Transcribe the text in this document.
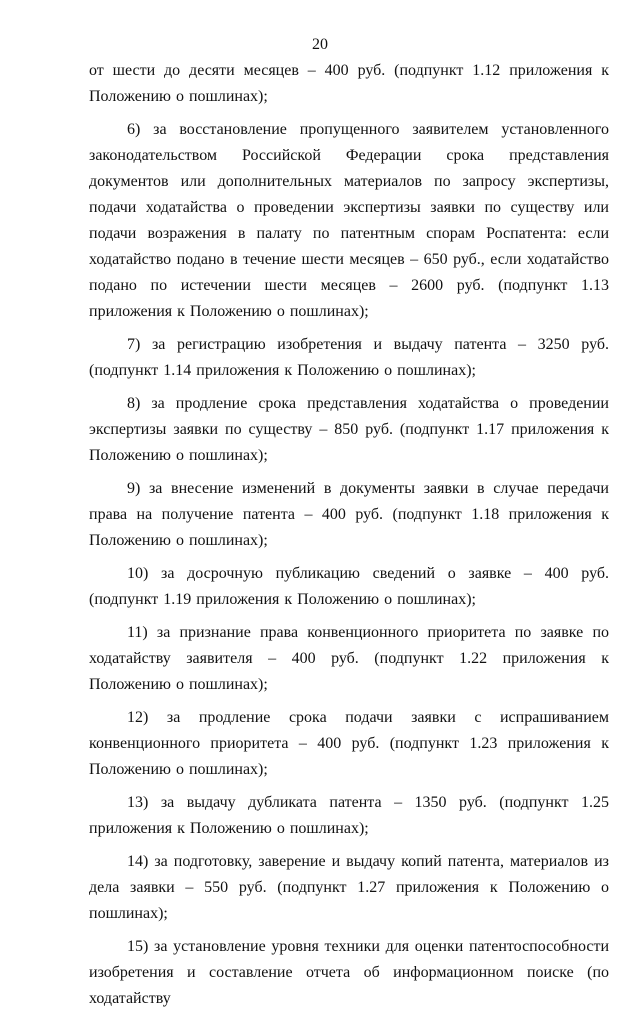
20

от шести до десяти месяцев – 400 руб. (подпункт 1.12 приложения к Положению о пошлинах);

6) за восстановление пропущенного заявителем установленного законодательством Российской Федерации срока представления документов или дополнительных материалов по запросу экспертизы, подачи ходатайства о проведении экспертизы заявки по существу или подачи возражения в палату по патентным спорам Роспатента: если ходатайство подано в течение шести месяцев – 650 руб., если ходатайство подано по истечении шести месяцев – 2600 руб. (подпункт 1.13 приложения к Положению о пошлинах);

7) за регистрацию изобретения и выдачу патента – 3250 руб. (подпункт 1.14 приложения к Положению о пошлинах);

8) за продление срока представления ходатайства о проведении экспертизы заявки по существу – 850 руб. (подпункт 1.17 приложения к Положению о пошлинах);

9) за внесение изменений в документы заявки в случае передачи права на получение патента – 400 руб. (подпункт 1.18 приложения к Положению о пошлинах);

10) за досрочную публикацию сведений о заявке – 400 руб. (подпункт 1.19 приложения к Положению о пошлинах);

11) за признание права конвенционного приоритета по заявке по ходатайству заявителя – 400 руб. (подпункт 1.22 приложения к Положению о пошлинах);

12) за продление срока подачи заявки с испрашиванием конвенционного приоритета – 400 руб. (подпункт 1.23 приложения к Положению о пошлинах);

13) за выдачу дубликата патента – 1350 руб. (подпункт 1.25 приложения к Положению о пошлинах);

14) за подготовку, заверение и выдачу копий патента, материалов из дела заявки – 550 руб. (подпункт 1.27 приложения к Положению о пошлинах);

15) за установление уровня техники для оценки патентоспособности изобретения и составление отчета об информационном поиске (по ходатайству
